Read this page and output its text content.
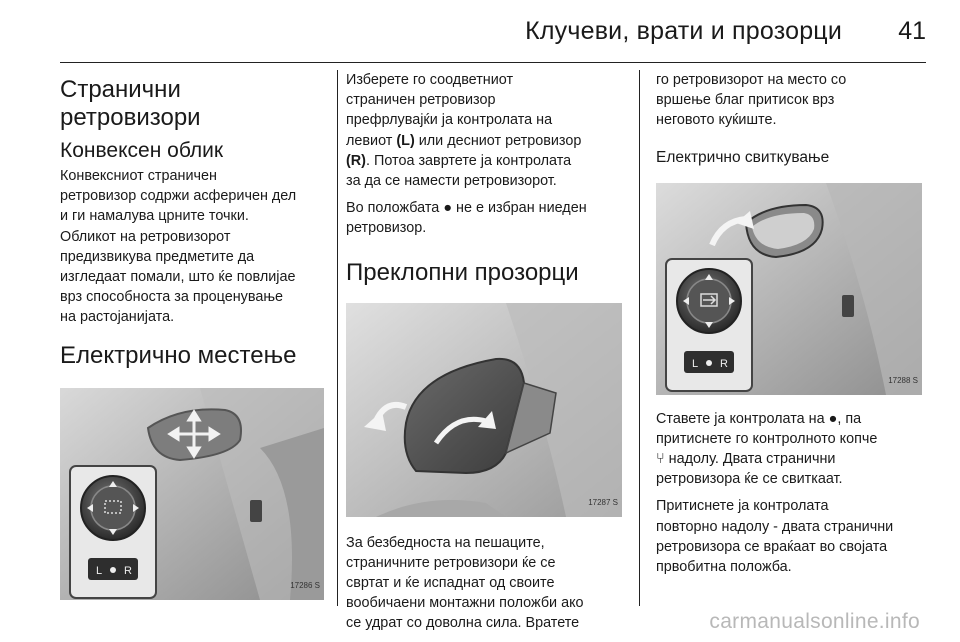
Клучеви, врати и прозорци 41
Странични
ретровизори
Конвексен облик

Конвексниот страничен
ретровизор содржи асферичен дел
и ги намалува црните точки.
Обликот на ретровизорот
предизвикува предметите да
изгледаат помали, што ќе повлијае
врз способноста за проценување
на растојанијата.

Електрично местење
L R
17286 S

Изберете го соодветниот
страничен ретровизор
префрлувајќи ја контролата на
левиот (L) или десниот ретровизор
(R). Потоа завртете ја контролата
за да се намести ретровизорот.

Во положбата ● не е избран ниеден
ретровизор.

Преклопни прозорци
17287 S

За безбедноста на пешаците,
страничните ретровизори ќе се
свртат и ќе испаднат од своите
вообичаени монтажни положби ако
се удрат со доволна сила. Вратете

го ретровизорот на место со
вршење благ притисок врз
неговото куќиште.

Електрично свиткување
L R
17288 S

Ставете ја контролата на ●, па
притиснете го контролното копче
⑂ надолу. Двата странични
ретровизора ќе се свиткаат.

Притиснете ја контролата
повторно надолу - двата странични
ретровизора се враќаат во својата
првобитна положба.

carmanualsonline.info
